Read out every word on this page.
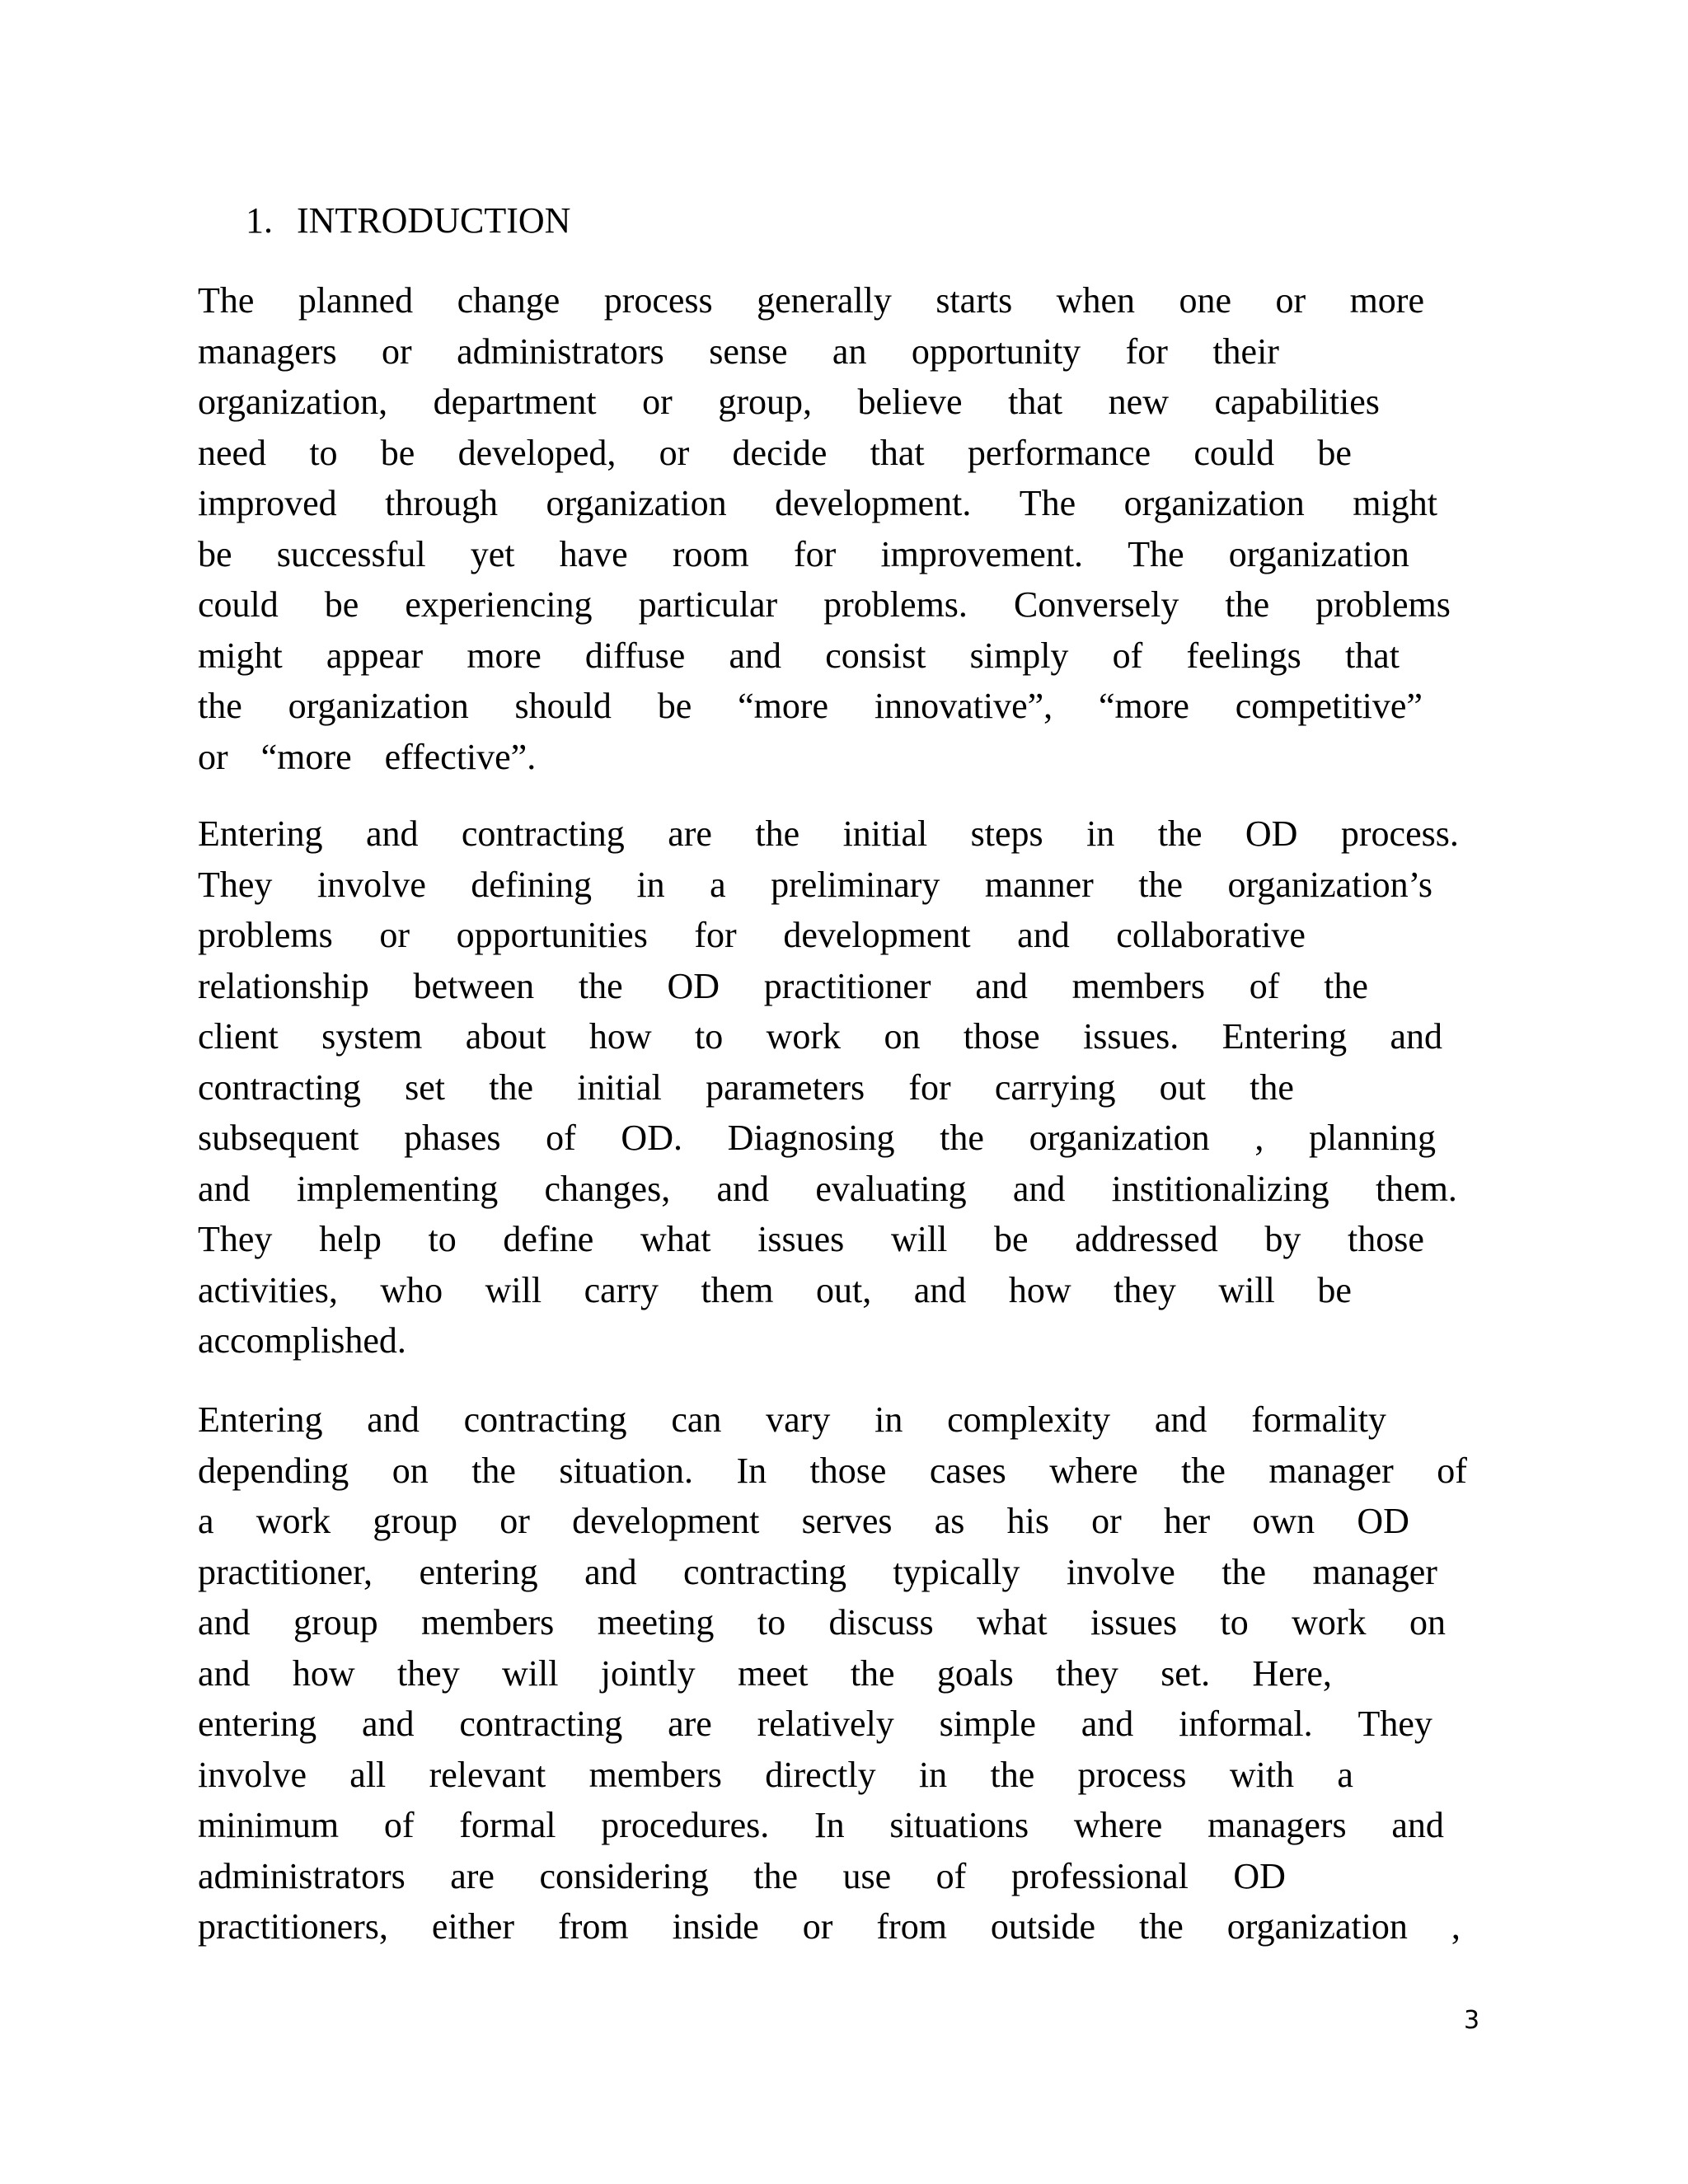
1. INTRODUCTION
The planned change process generally starts when one or more
managers or administrators sense an opportunity for their
organization, department or group, believe that new capabilities
need to be developed, or decide that performance could be
improved through organization development. The organization might
be successful yet have room for improvement. The organization
could be experiencing particular problems. Conversely the problems
might appear more diffuse and consist simply of feelings that
the organization should be “more innovative”, “more competitive”
or “more effective”.
Entering and contracting are the initial steps in the OD process.
They involve defining in a preliminary manner the organization’s
problems or opportunities for development and collaborative
relationship between the OD practitioner and members of the
client system about how to work on those issues. Entering and
contracting set the initial parameters for carrying out the
subsequent phases of OD. Diagnosing the organization , planning
and implementing changes, and evaluating and institionalizing them.
They help to define what issues will be addressed by those
activities, who will carry them out, and how they will be
accomplished.
Entering and contracting can vary in complexity and formality
depending on the situation. In those cases where the manager of
a work group or development serves as his or her own OD
practitioner, entering and contracting typically involve the manager
and group members meeting to discuss what issues to work on
and how they will jointly meet the goals they set. Here,
entering and contracting are relatively simple and informal. They
involve all relevant members directly in the process with a
minimum of formal procedures. In situations where managers and
administrators are considering the use of professional OD
practitioners, either from inside or from outside the organization ,
3
